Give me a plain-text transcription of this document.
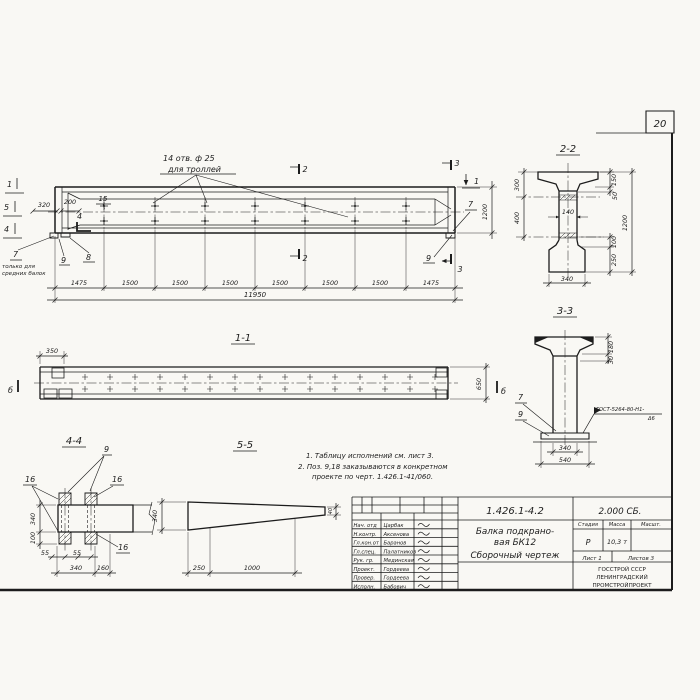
20
14 отв. ф 25
для троллей
1
5
4
320 200	15
4
7
только для
средних балок
9 8
2
2
3
3
1
7
9
1475	1500	1500	1500	1500	1500	1500	1475
11950
1200
1-1
350
650
б	б
2-2
300
400
150
50
140
100
250
1200
340
3-3
180
30
7
9	ГОСТ-5264-80-Н1-
Δ6
340
540
4-4
9
16	16
16
340
100
55	55
340 160
5-5
340	40
250	1000
1. Таблицу исполнений см. лист 3.
2. Поз. 9,18 заказываются в конкретном
проекте по черт. 1.426.1-41/060.
1.426.1-4.2	2.000 СБ.
Балка подкрано-
вая БК12
Сборочный чертеж
Стадия Масса	Масшт.
Р	10,3 т
Лист 1	Листов 3
ГОССТРОЙ СССР
ЛЕНИНГРАДСКИЙ
ПРОМСТРОЙПРОЕКТ
Нач. отд Царбак
Н.контр. Аксенова
Гл.кон.от Баранов
Гл.спец. Палатников
Рук. гр. Мединская
Проект. Гордеева
Провер. Гордеева
Исполн. Бабович
